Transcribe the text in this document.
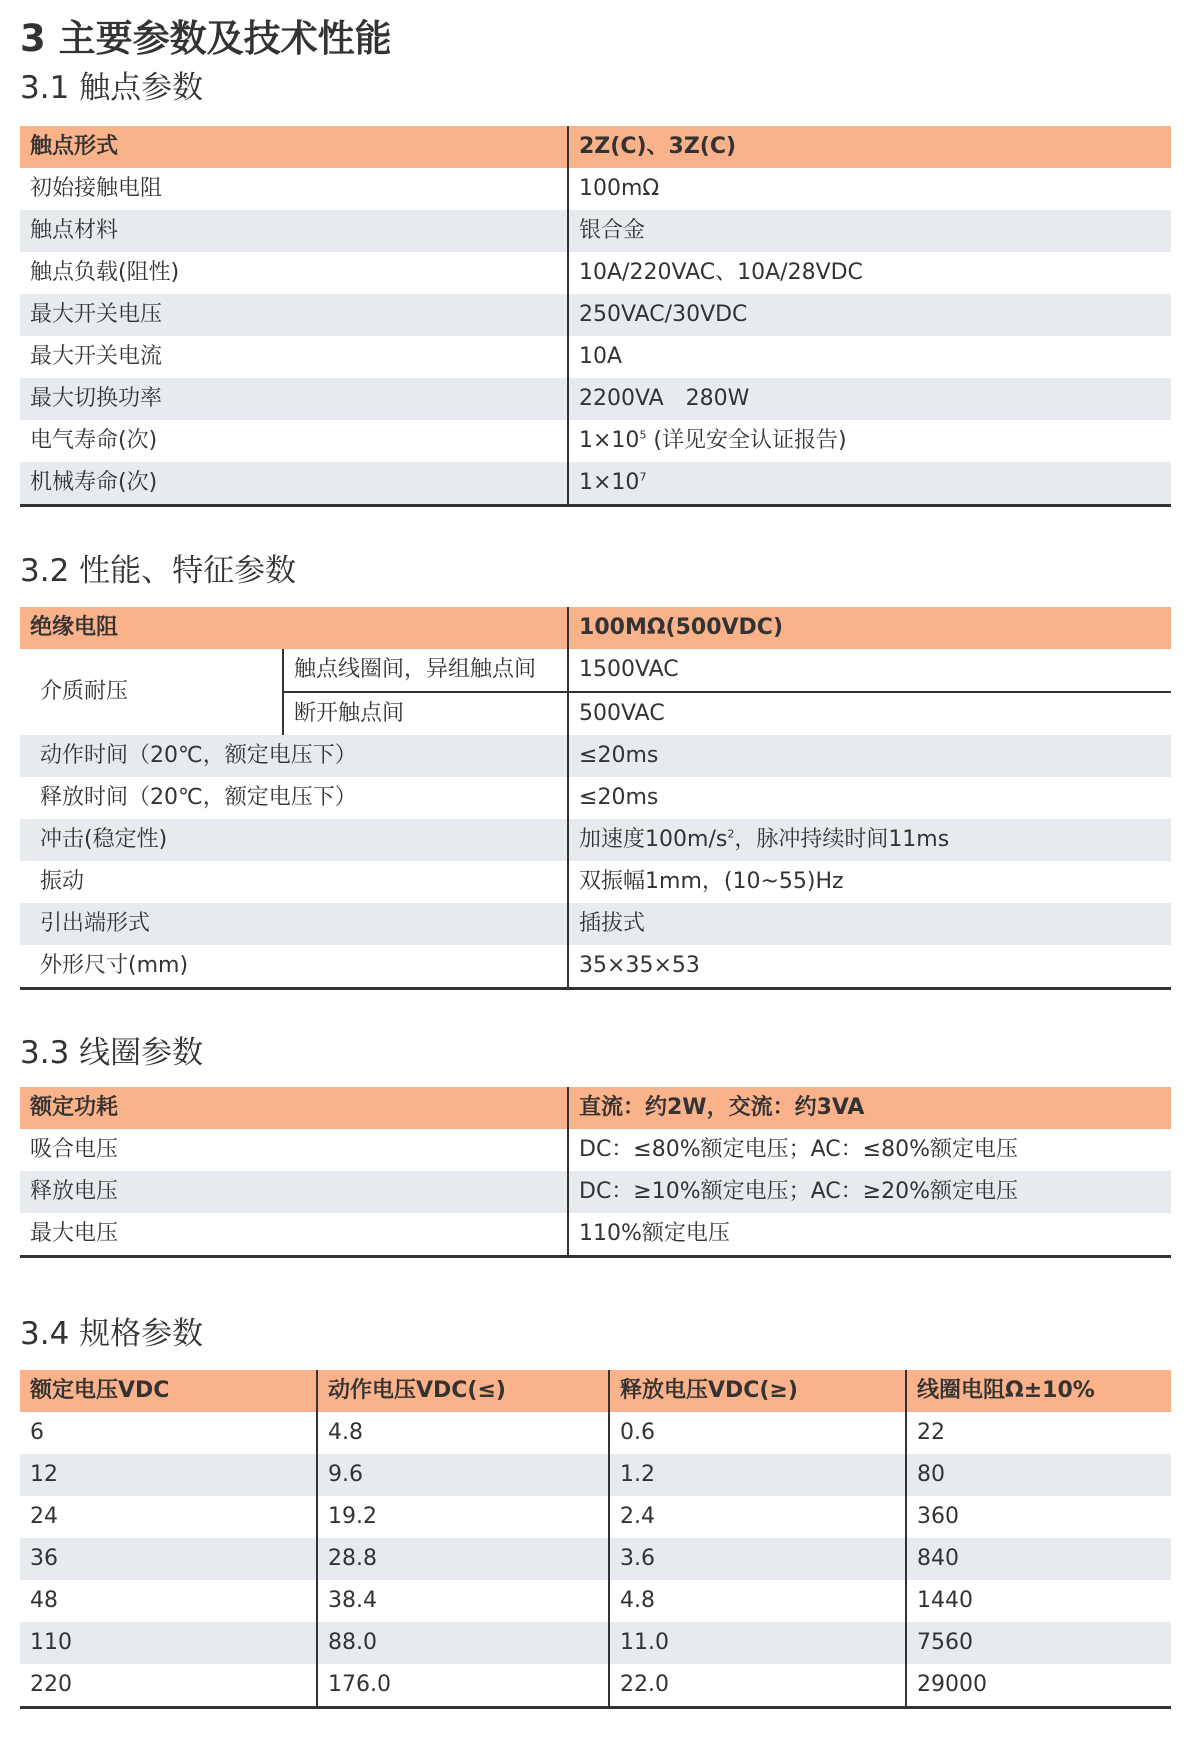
3 主要参数及技术性能
3.1 触点参数
触点形式	2Z(C)、3Z(C)
初始接触电阻	100mΩ
触点材料	银合金
触点负载(阻性)	10A/220VAC、10A/28VDC
最大开关电压	250VAC/30VDC
最大开关电流	10A
最大切换功率	2200VA　280W
电气寿命(次)	$1\times 10^5$ (详见安全认证报告)
机械寿命(次)	$1\times 10^7$
3.2 性能、特征参数
绝缘电阻		100MΩ(500VDC)
介质耐压	触点线圈间，异组触点间	1500VAC
	断开触点间	500VAC
动作时间（20℃，额定电压下）		≤20ms
释放时间（20℃，额定电压下）		≤20ms
冲击(稳定性)		加速度$100m/s^2$，脉冲持续时间11ms
振动		双振幅1mm，(10~55)Hz
引出端形式		插拔式
外形尺寸(mm)		35×35×53
3.3 线圈参数
额定功耗	直流：约2W，交流：约3VA
吸合电压	DC：≤80%额定电压；AC：≤80%额定电压
释放电压	DC：≥10%额定电压；AC：≥20%额定电压
最大电压	110%额定电压
3.4 规格参数
额定电压VDC	动作电压VDC(≤)	释放电压VDC(≥)	线圈电阻Ω±10%
6	4.8	0.6	22
12	9.6	1.2	80
24	19.2	2.4	360
36	28.8	3.6	840
48	38.4	4.8	1440
110	88.0	11.0	7560
220	176.0	22.0	29000
